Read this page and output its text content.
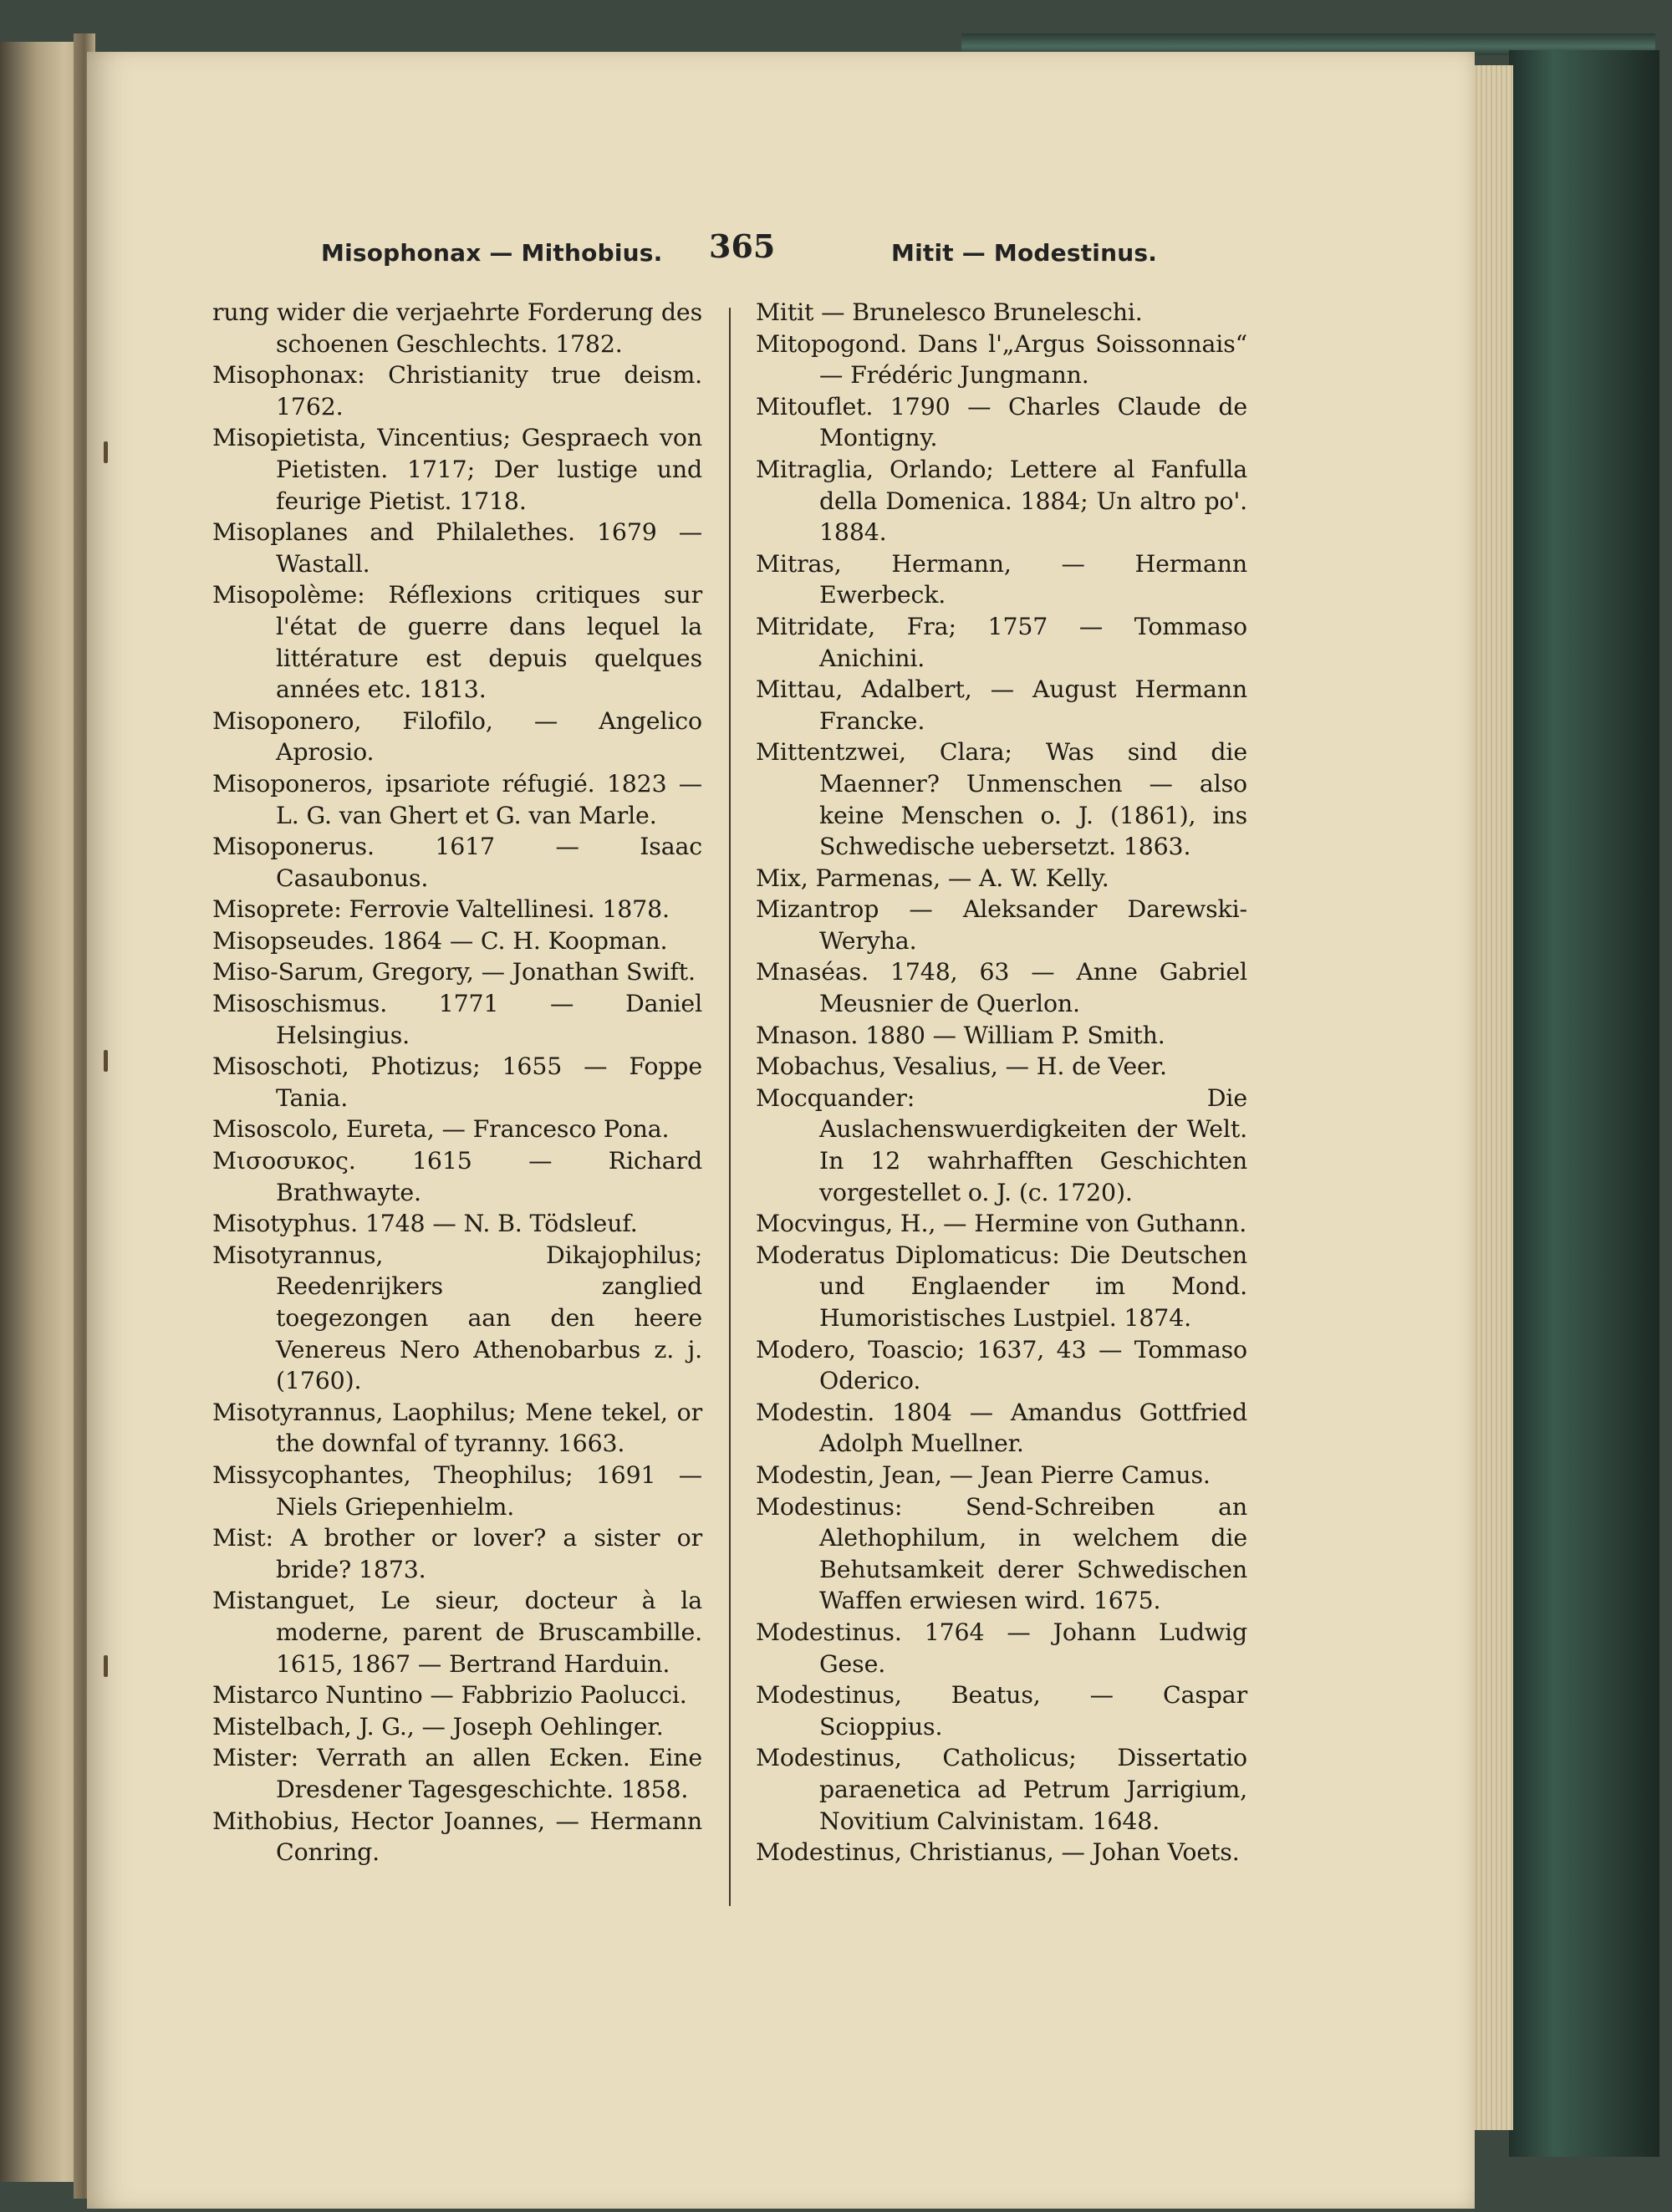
Misophonax — Mithobius. 365	Mitit — Modestinus.
rung wider die verjaehrte Forderung des schoenen Geschlechts. 1782.
Misophonax: Christianity true deism. 1762.
Misopietista, Vincentius; Gespraech von Pietisten. 1717; Der lustige und feurige Pietist. 1718.
Misoplanes and Philalethes. 1679 — Wastall.
Misopolème: Réflexions critiques sur l'état de guerre dans lequel la littérature est depuis quelques années etc. 1813.
Misoponero, Filofilo, — Angelico Aprosio.
Misoponeros, ipsariote réfugié. 1823 — L. G. van Ghert et G. van Marle.
Misoponerus. 1617 — Isaac Casaubonus.
Misoprete: Ferrovie Valtellinesi. 1878.
Misopseudes. 1864 — C. H. Koopman.
Miso-Sarum, Gregory, — Jonathan Swift.
Misoschismus. 1771 — Daniel Helsingius.
Misoschoti, Photizus; 1655 — Foppe Tania.
Misoscolo, Eureta, — Francesco Pona.
Μισοσυκος. 1615 — Richard Brathwayte.
Misotyphus. 1748 — N. B. Tödsleuf.
Misotyrannus, Dikajophilus; Reedenrijkers zanglied toegezongen aan den heere Venereus Nero Athenobarbus z. j. (1760).
Misotyrannus, Laophilus; Mene tekel, or the downfal of tyranny. 1663.
Missycophantes, Theophilus; 1691 — Niels Griepenhielm.
Mist: A brother or lover? a sister or bride? 1873.
Mistanguet, Le sieur, docteur à la moderne, parent de Bruscambille. 1615, 1867 — Bertrand Harduin.
Mistarco Nuntino — Fabbrizio Paolucci.
Mistelbach, J. G., — Joseph Oehlinger.
Mister: Verrath an allen Ecken. Eine Dresdener Tagesgeschichte. 1858.
Mithobius, Hector Joannes, — Hermann Conring.
Mitit — Brunelesco Bruneleschi.
Mitopogond. Dans l'„Argus Soissonnais“ — Frédéric Jungmann.
Mitouflet. 1790 — Charles Claude de Montigny.
Mitraglia, Orlando; Lettere al Fanfulla della Domenica. 1884; Un altro po'. 1884.
Mitras, Hermann, — Hermann Ewerbeck.
Mitridate, Fra; 1757 — Tommaso Anichini.
Mittau, Adalbert, — August Hermann Francke.
Mittentzwei, Clara; Was sind die Maenner? Unmenschen — also keine Menschen o. J. (1861), ins Schwedische uebersetzt. 1863.
Mix, Parmenas, — A. W. Kelly.
Mizantrop — Aleksander Darewski-Weryha.
Mnaséas. 1748, 63 — Anne Gabriel Meusnier de Querlon.
Mnason. 1880 — William P. Smith.
Mobachus, Vesalius, — H. de Veer.
Mocquander: Die Auslachenswuerdigkeiten der Welt. In 12 wahrhafften Geschichten vorgestellet o. J. (c. 1720).
Mocvingus, H., — Hermine von Guthann.
Moderatus Diplomaticus: Die Deutschen und Englaender im Mond. Humoristisches Lustpiel. 1874.
Modero, Toascio; 1637, 43 — Tommaso Oderico.
Modestin. 1804 — Amandus Gottfried Adolph Muellner.
Modestin, Jean, — Jean Pierre Camus.
Modestinus: Send-Schreiben an Alethophilum, in welchem die Behutsamkeit derer Schwedischen Waffen erwiesen wird. 1675.
Modestinus. 1764 — Johann Ludwig Gese.
Modestinus, Beatus, — Caspar Scioppius.
Modestinus, Catholicus; Dissertatio paraenetica ad Petrum Jarrigium, Novitium Calvinistam. 1648.
Modestinus, Christianus, — Johan Voets.
